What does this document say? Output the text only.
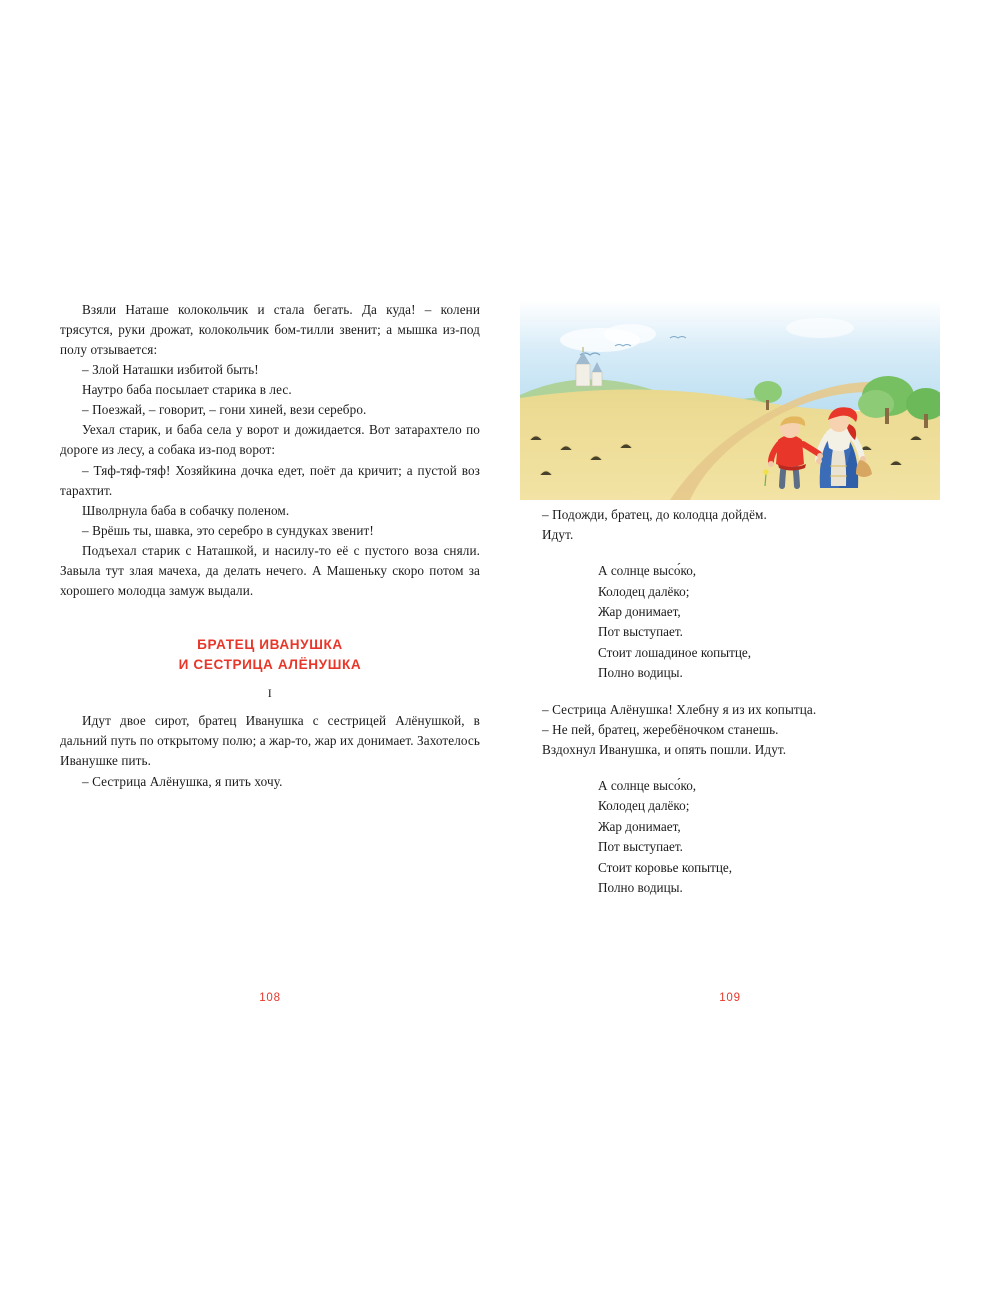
Взяли Наташе колокольчик и стала бегать. Да куда! – колени трясутся, руки дрожат, колокольчик бом-тилли звенит; а мышка из-под полу отзывается:

– Злой Наташки избитой быть!

Наутро баба посылает старика в лес.

– Поезжай, – говорит, – гони хиней, вези серебро.

Уехал старик, и баба села у ворот и дожидается. Вот затарахтело по дороге из лесу, а собака из-под ворот:

– Тяф-тяф-тяф! Хозяйкина дочка едет, поёт да кричит; а пустой воз тарахтит.

Шволрнула баба в собачку поленом.

– Врёшь ты, шавка, это серебро в сундуках звенит!

Подъехал старик с Наташкой, и насилу-то её с пустого воза сняли. Завыла тут злая мачеха, да делать нечего. А Машеньку скоро потом за хорошего молодца замуж выдали.

БРАТЕЦ ИВАНУШКА
И СЕСТРИЦА АЛЁНУШКА
I

Идут двое сирот, братец Иванушка с сестрицей Алёнушкой, в дальний путь по открытому полю; а жар-то, жар их донимает. Захотелось Иванушке пить.

– Сестрица Алёнушка, я пить хочу.

108

– Подожди, братец, до колодца дойдём.

Идут.

А солнце высо́ко,
Колодец далёко;
Жар донимает,
Пот выступает.
Стоит лошадиное копытце,
Полно водицы.

– Сестрица Алёнушка! Хлебну я из их копытца.

– Не пей, братец, жеребёночком станешь.

Вздохнул Иванушка, и опять пошли. Идут.

А солнце высо́ко,
Колодец далёко;
Жар донимает,
Пот выступает.
Стоит коровье копытце,
Полно водицы.
109
